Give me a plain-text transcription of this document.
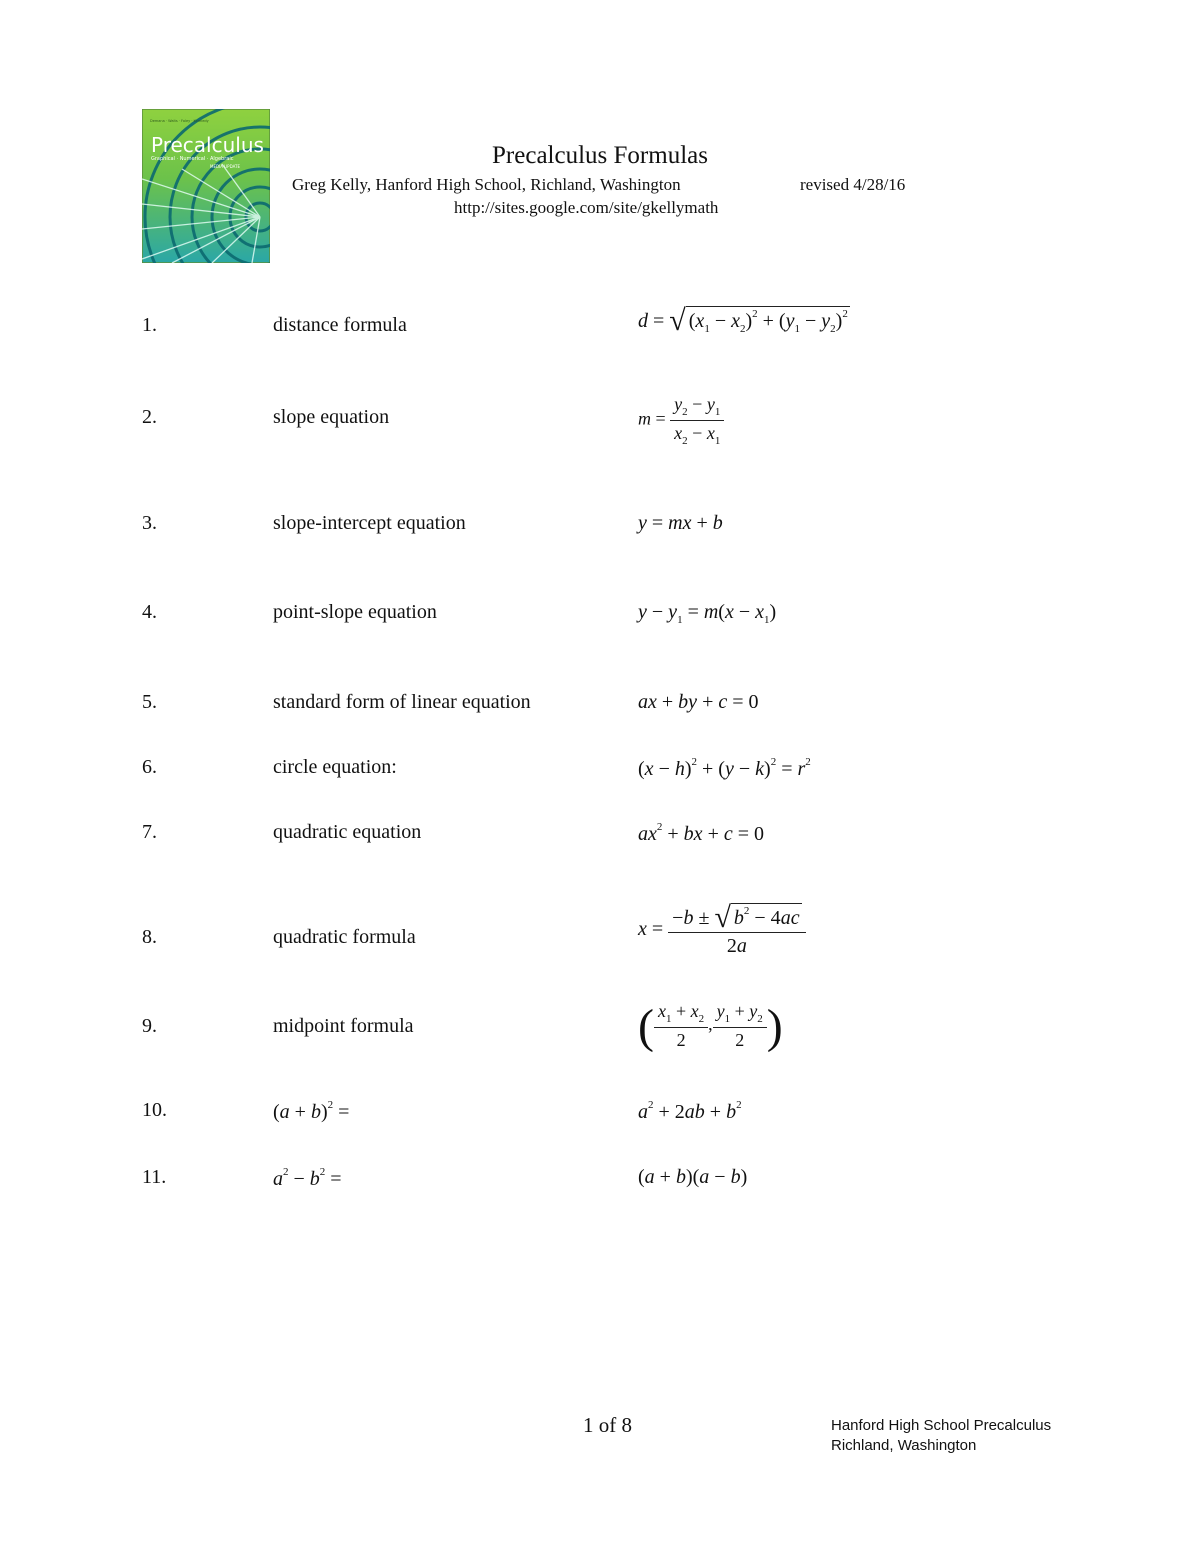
Demana · Waits · Foley · Kennedy
Precalculus
Graphical · Numerical · Algebraic
MEDIA UPDATE	Precalculus Formulas
Greg Kelly, Hanford High School, Richland, Washington	revised 4/28/16
http://sites.google.com/site/gkellymath
1.	distance formula	d = √ $(x_1 - x_2)^2 + (y_1 - y_2)^2$
2.	slope equation	$m = \frac{y_2 - y_1}{x_2 - x_1}$
3.	slope-intercept equation	y = mx + b
4.	point-slope equation	$y - y_1 = m(x - x_1)$
5.	standard form of linear equation	ax + by + c = 0
6.	circle equation:	$(x - h)^2 + (y - k)^2 = r^2$
7.	quadratic equation	$ax^2$ + bx + c = 0
8.	quadratic formula	$x = \frac{-b \pm √ b^2 - 4ac}{2a}$
9.	midpoint formula	( $\frac{x_1 + x_2}{2}$ , $\frac{y_1 + y_2}{2}$ )
10.	$(a + b)^2$ =	$a^2 + 2ab + b^2$
11.	$a^2 - b^2$ =	(a + b)(a − b)
1 of 8	Hanford High School Precalculus
Richland, Washington
